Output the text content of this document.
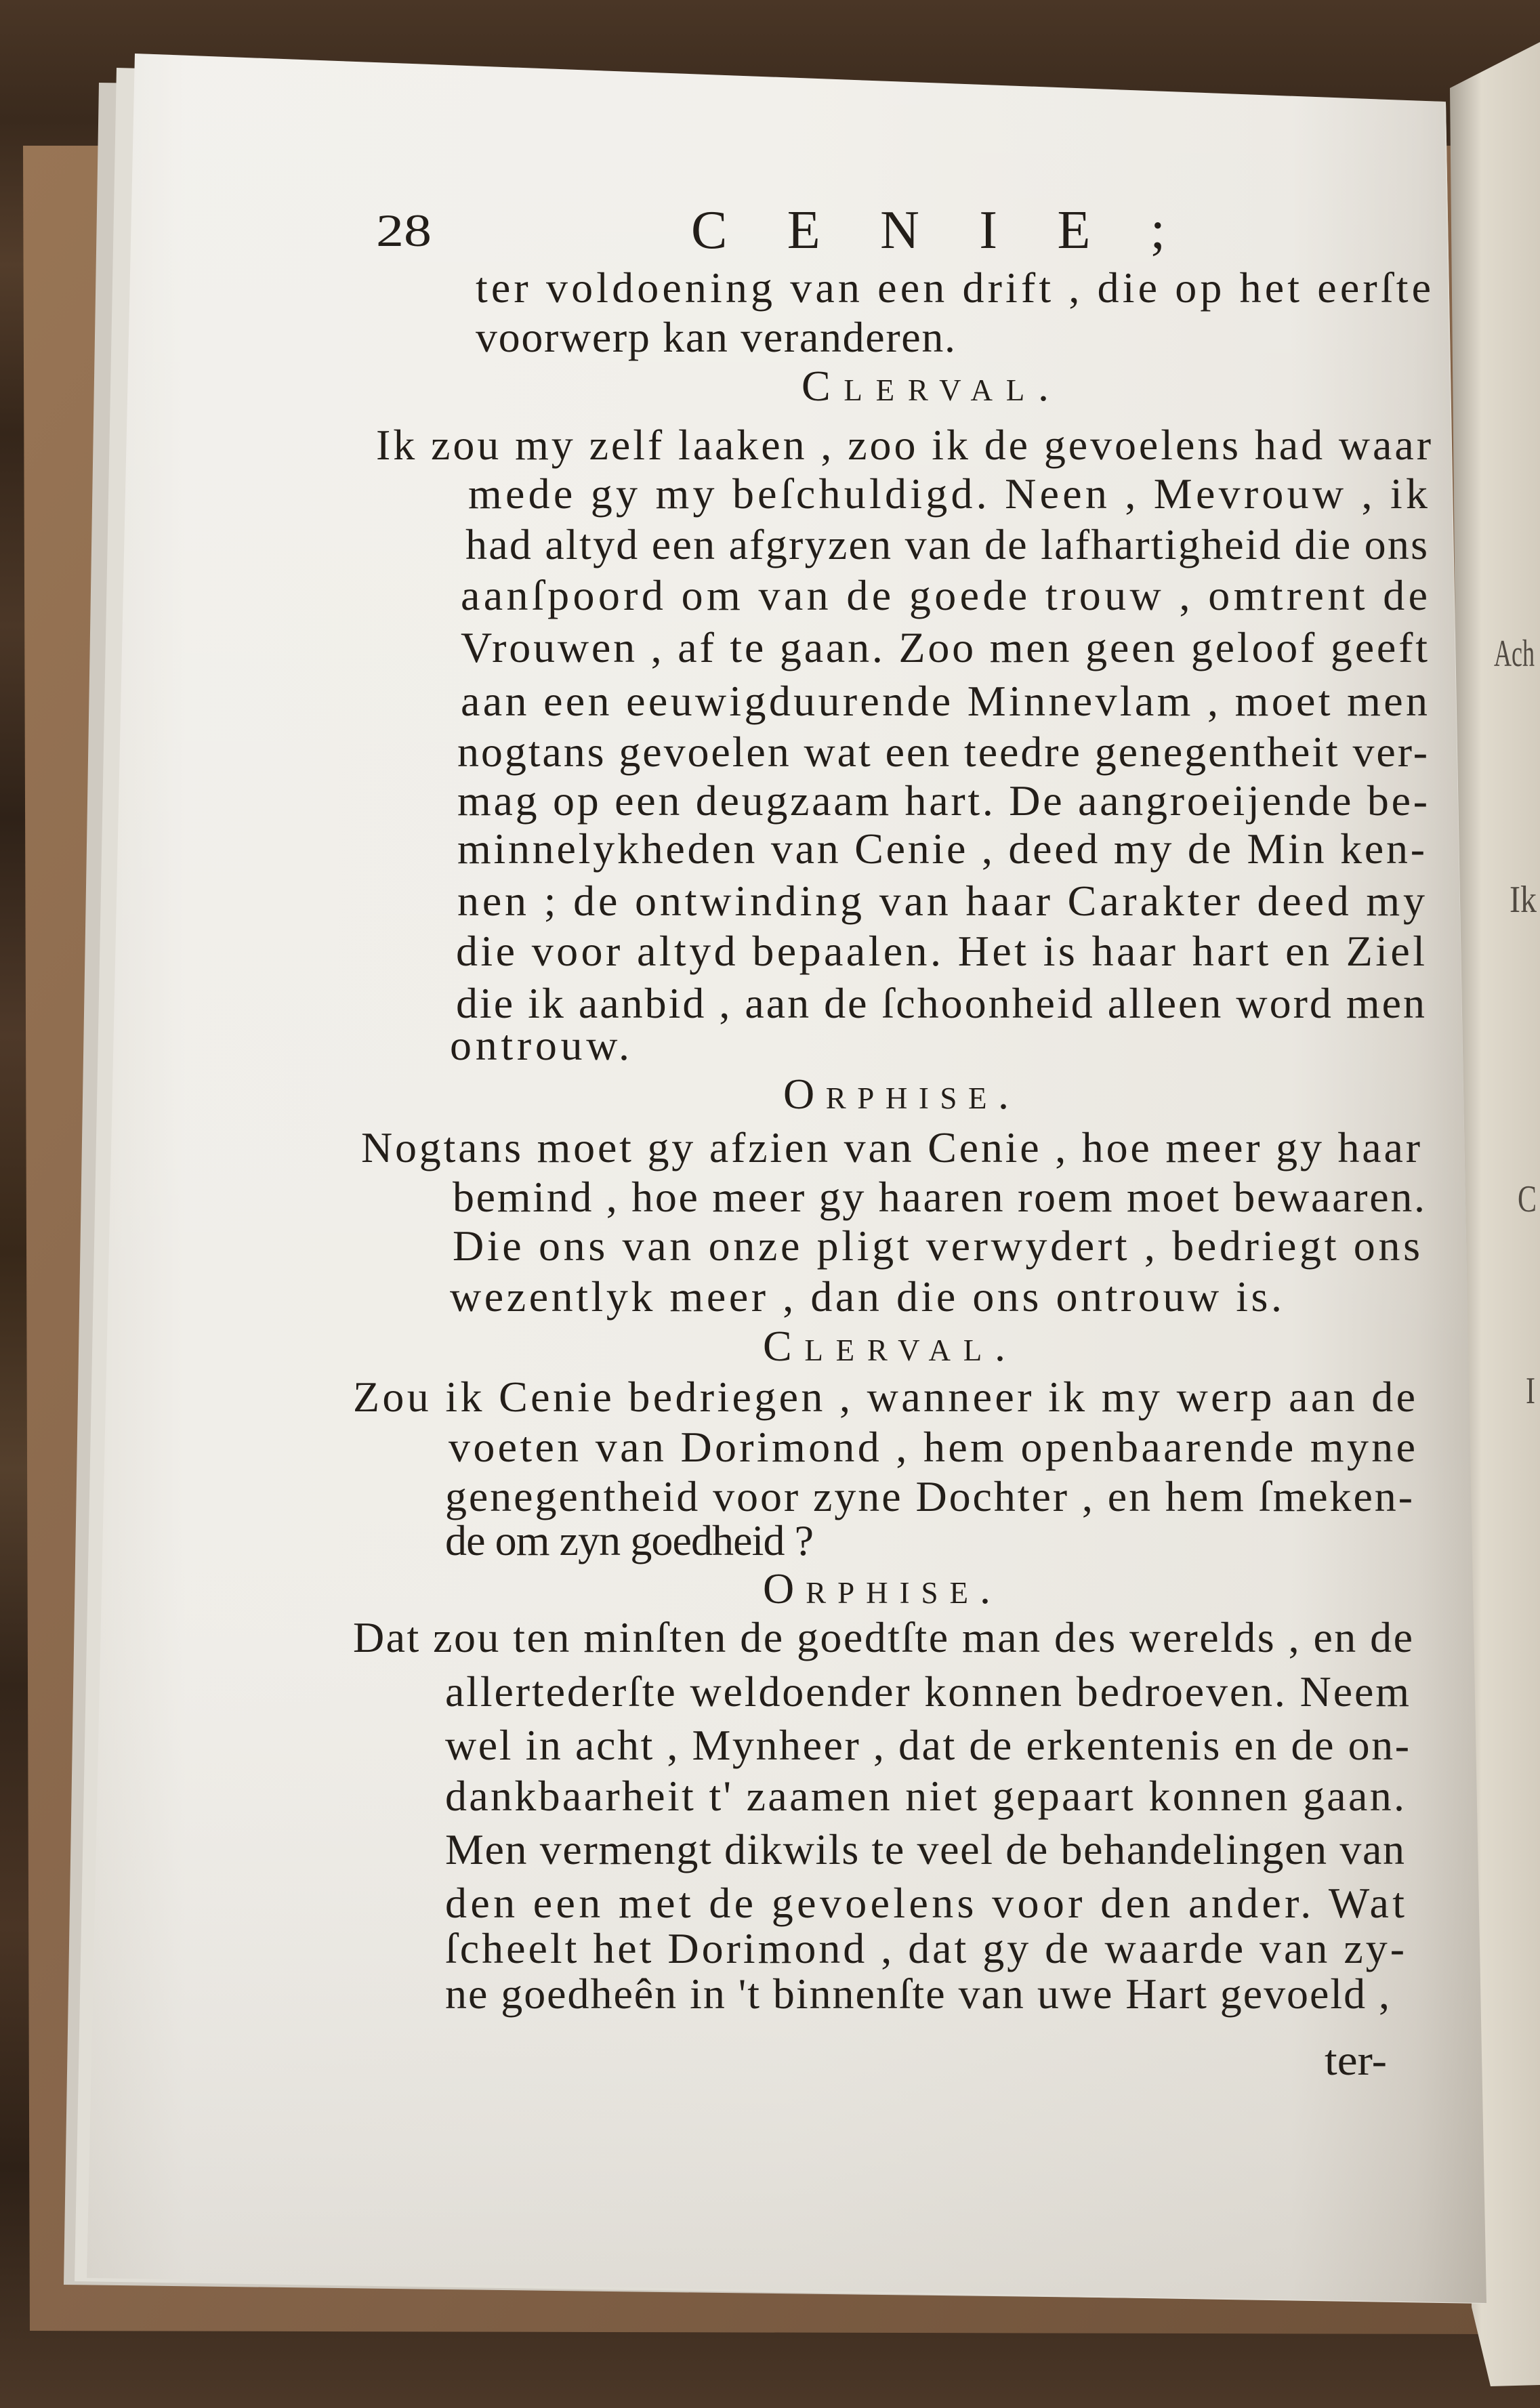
28	CENIE;
ter voldoening van een drift , die op het eerſte
voorwerp kan veranderen.
Clerval.
Ik zou my zelf laaken , zoo ik de gevoelens had waar
mede gy my beſchuldigd. Neen , Mevrouw , ik
had altyd een afgryzen van de lafhartigheid die ons
aanſpoord om van de goede trouw , omtrent de
Vrouwen , af te gaan. Zoo men geen geloof geeft
aan een eeuwigduurende Minnevlam , moet men
nogtans gevoelen wat een teedre genegentheit ver-
mag op een deugzaam hart. De aangroeijende be-
minnelykheden van Cenie , deed my de Min ken-
nen ; de ontwinding van haar Carakter deed my
die voor altyd bepaalen. Het is haar hart en Ziel
die ik aanbid , aan de ſchoonheid alleen word men
ontrouw.
Orphise.
Nogtans moet gy afzien van Cenie , hoe meer gy haar
bemind , hoe meer gy haaren roem moet bewaaren.
Die ons van onze pligt verwydert , bedriegt ons
wezentlyk meer , dan die ons ontrouw is.
Clerval.
Zou ik Cenie bedriegen , wanneer ik my werp aan de
voeten van Dorimond , hem openbaarende myne
genegentheid voor zyne Dochter , en hem ſmeken-
de om zyn goedheid ?
Orphise.
Dat zou ten minſten de goedtſte man des werelds , en de
allertederſte weldoender konnen bedroeven. Neem
wel in acht , Mynheer , dat de erkentenis en de on-
dankbaarheit t' zaamen niet gepaart konnen gaan.
Men vermengt dikwils te veel de behandelingen van
den een met de gevoelens voor den ander. Wat
ſcheelt het Dorimond , dat gy de waarde van zy-
ne goedheên in 't binnenſte van uwe Hart gevoeld ,
ter-
Ach
Ik
C
I
